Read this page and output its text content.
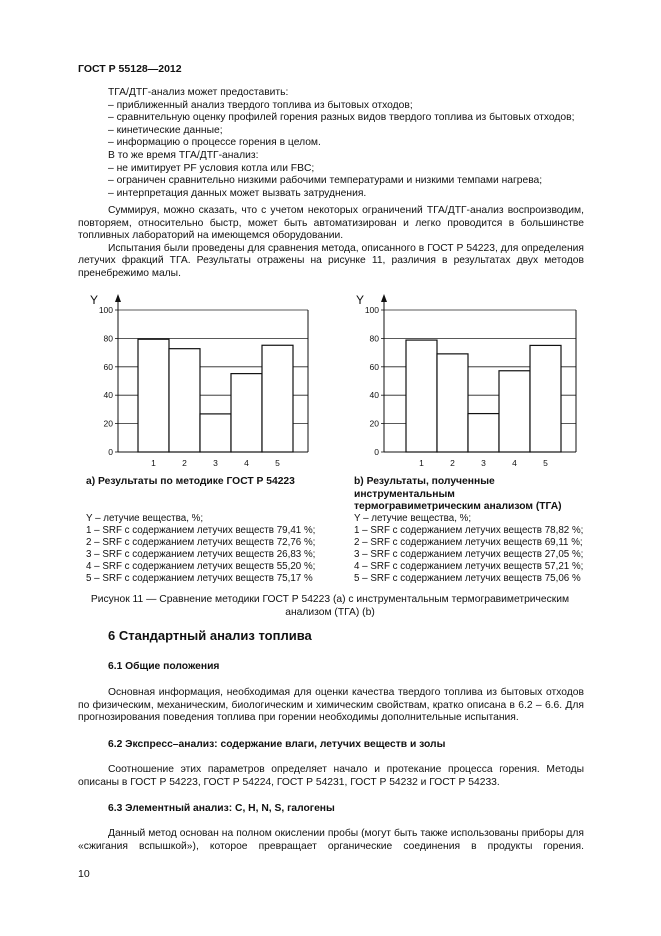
ГОСТ Р 55128—2012
ТГА/ДТГ-анализ может предоставить:
– приближенный анализ твердого топлива из бытовых отходов;
– сравнительную оценку профилей горения разных видов твердого топлива из бытовых отходов;
– кинетические данные;
– информацию о процессе горения в целом.
В то же время ТГА/ДТГ-анализ:
– не имитирует PF условия котла или FBC;
– ограничен сравнительно низкими рабочими температурами и низкими темпами нагрева;
– интерпретация данных может вызвать затруднения.

Суммируя, можно сказать, что с учетом некоторых ограничений ТГА/ДТГ-анализ воспроизводим, повторяем, относительно быстр, может быть автоматизирован и легко проводится в большинстве топливных лабораторий на имеющемся оборудовании.

Испытания были проведены для сравнения метода, описанного в ГОСТ Р 54223, для определения летучих фракций ТГА. Результаты отражены на рисунке 11, различия в результатах двух методов пренебрежимо малы.

0
20
40
60
80
100
Y
1	2	3	4	5
a) Результаты по методике ГОСТ Р 54223
Y – летучие вещества, %;
1 – SRF с содержанием летучих веществ 79,41 %;
2 – SRF с содержанием летучих веществ 72,76 %;
3 – SRF с содержанием летучих веществ 26,83 %;
4 – SRF с содержанием летучих веществ 55,20 %;
5 – SRF с содержанием летучих веществ 75,17 %
0
20
40
60
80
100
Y
1	2	3	4	5
b) Результаты, полученные
инструментальным
термогравиметрическим анализом (ТГА)
Y – летучие вещества, %;
1 – SRF с содержанием летучих веществ 78,82 %;
2 – SRF с содержанием летучих веществ 69,11 %;
3 – SRF с содержанием летучих веществ 27,05 %;
4 – SRF с содержанием летучих веществ 57,21 %;
5 – SRF с содержанием летучих веществ 75,06 %
Рисунок 11 — Сравнение методики ГОСТ Р 54223 (а) с инструментальным термогравиметрическим анализом (ТГА) (b)
6 Стандартный анализ топлива
6.1 Общие положения

Основная информация, необходимая для оценки качества твердого топлива из бытовых отходов по физическим, механическим, биологическим и химическим свойствам, кратко описана в 6.2 – 6.6. Для прогнозирования поведения топлива при горении необходимы дополнительные испытания.

6.2 Экспресс–анализ: содержание влаги, летучих веществ и золы

Соотношение этих параметров определяет начало и протекание процесса горения. Методы описаны в ГОСТ Р 54223, ГОСТ Р 54224, ГОСТ Р 54231, ГОСТ Р 54232 и ГОСТ Р 54233.

6.3 Элементный анализ: C, H, N, S, галогены

Данный метод основан на полном окислении пробы (могут быть также использованы приборы для «сжигания вспышкой»), которое превращает органические соединения в продукты горения.

10
